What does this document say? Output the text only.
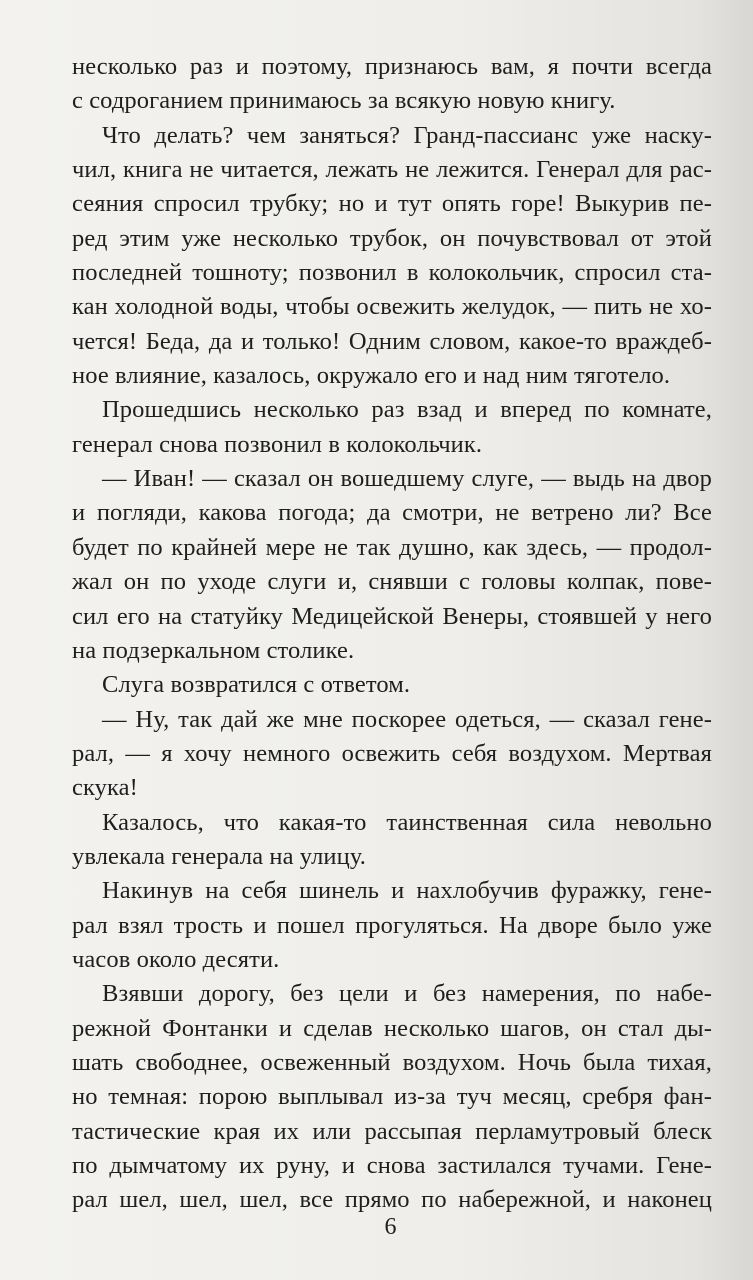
несколько раз и поэтому, признаюсь вам, я почти всегда
с содроганием принимаюсь за всякую новую книгу.
Что делать? чем заняться? Гранд-пассианс уже наску-
чил, книга не читается, лежать не лежится. Генерал для рас-
сеяния спросил трубку; но и тут опять горе! Выкурив пе-
ред этим уже несколько трубок, он почувствовал от этой
последней тошноту; позвонил в колокольчик, спросил ста-
кан холодной воды, чтобы освежить желудок, — пить не хо-
чется! Беда, да и только! Одним словом, какое-то враждеб-
ное влияние, казалось, окружало его и над ним тяготело.
Прошедшись несколько раз взад и вперед по комнате,
генерал снова позвонил в колокольчик.
— Иван! — сказал он вошедшему слуге, — выдь на двор
и погляди, какова погода; да смотри, не ветрено ли? Все
будет по крайней мере не так душно, как здесь, — продол-
жал он по уходе слуги и, снявши с головы колпак, пове-
сил его на статуйку Медицейской Венеры, стоявшей у него
на подзеркальном столике.
Слуга возвратился с ответом.
— Ну, так дай же мне поскорее одеться, — сказал гене-
рал, — я хочу немного освежить себя воздухом. Мертвая
скука!
Казалось, что какая-то таинственная сила невольно
увлекала генерала на улицу.
Накинув на себя шинель и нахлобучив фуражку, гене-
рал взял трость и пошел прогуляться. На дворе было уже
часов около десяти.
Взявши дорогу, без цели и без намерения, по набе-
режной Фонтанки и сделав несколько шагов, он стал ды-
шать свободнее, освеженный воздухом. Ночь была тихая,
но темная: порою выплывал из-за туч месяц, сребря фан-
тастические края их или рассыпая перламутровый блеск
по дымчатому их руну, и снова застилался тучами. Гене-
рал шел, шел, шел, все прямо по набережной, и наконец
6
